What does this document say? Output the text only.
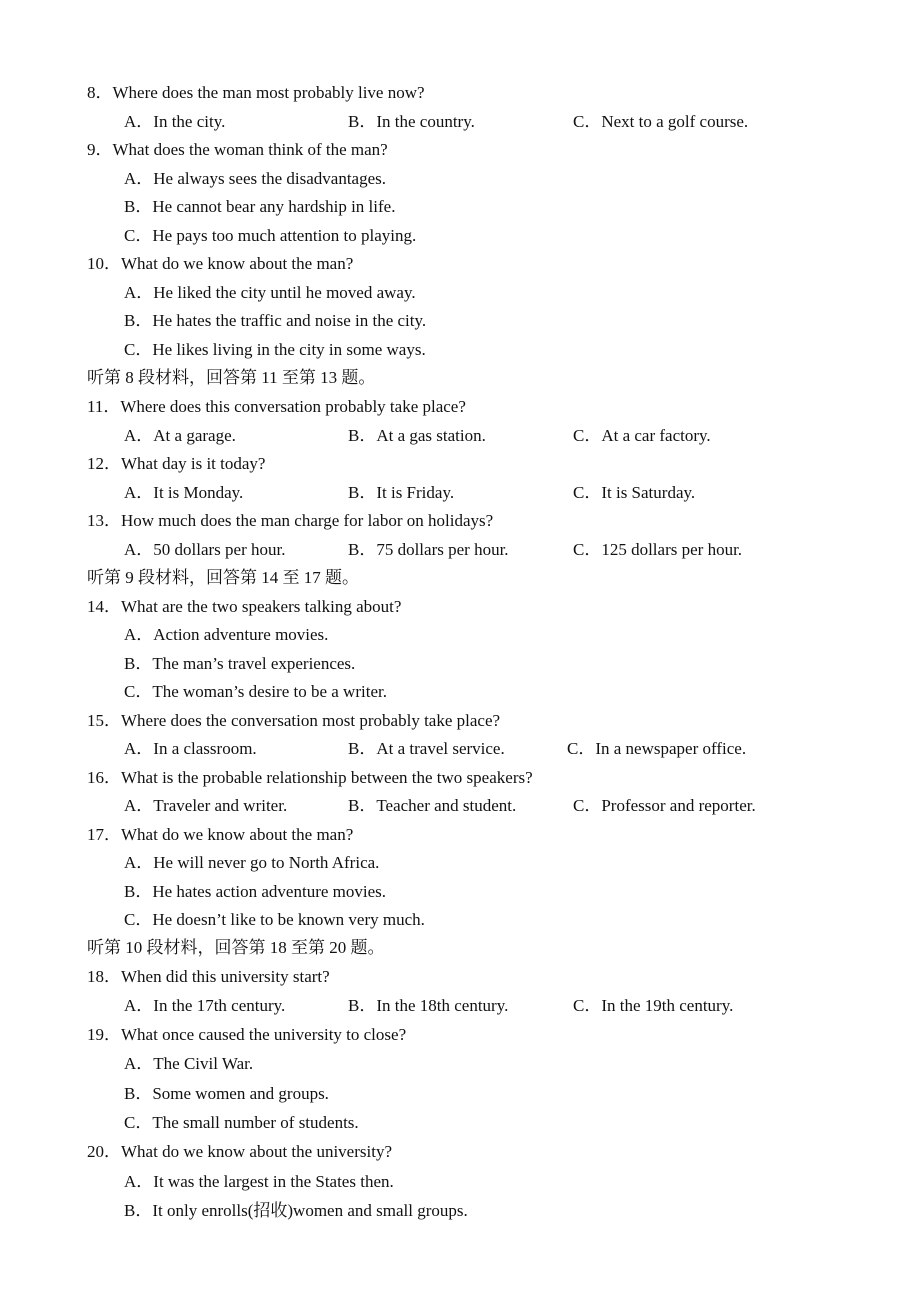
8．Where does the man most probably live now?
A．In the city.	B．In the country.	C．Next to a golf course.
9．What does the woman think of the man?
A．He always sees the disadvantages.
B．He cannot bear any hardship in life.
C．He pays too much attention to playing.
10．What do we know about the man?
A．He liked the city until he moved away.
B．He hates the traffic and noise in the city.
C．He likes living in the city in some ways.
听第 8 段材料，回答第 11 至第 13 题。
11．Where does this conversation probably take place?
A．At a garage.	B．At a gas station.	C．At a car factory.
12．What day is it today?
A．It is Monday.	B．It is Friday.	C．It is Saturday.
13．How much does the man charge for labor on holidays?
A．50 dollars per hour.	B．75 dollars per hour.	C．125 dollars per hour.
听第 9 段材料，回答第 14 至 17 题。
14．What are the two speakers talking about?
A．Action adventure movies.
B．The man’s travel experiences.
C．The woman’s desire to be a writer.
15．Where does the conversation most probably take place?
A．In a classroom.	B．At a travel service.	C．In a newspaper office.
16．What is the probable relationship between the two speakers?
A．Traveler and writer.	B．Teacher and student.	C．Professor and reporter.
17．What do we know about the man?
A．He will never go to North Africa.
B．He hates action adventure movies.
C．He doesn’t like to be known very much.
听第 10 段材料，回答第 18 至第 20 题。
18．When did this university start?
A．In the 17th century.	B．In the 18th century.	C．In the 19th century.
19．What once caused the university to close?
A．The Civil War.
B．Some women and groups.
C．The small number of students.
20．What do we know about the university?
A．It was the largest in the States then.
B．It only enrolls(招收)women and small groups.
